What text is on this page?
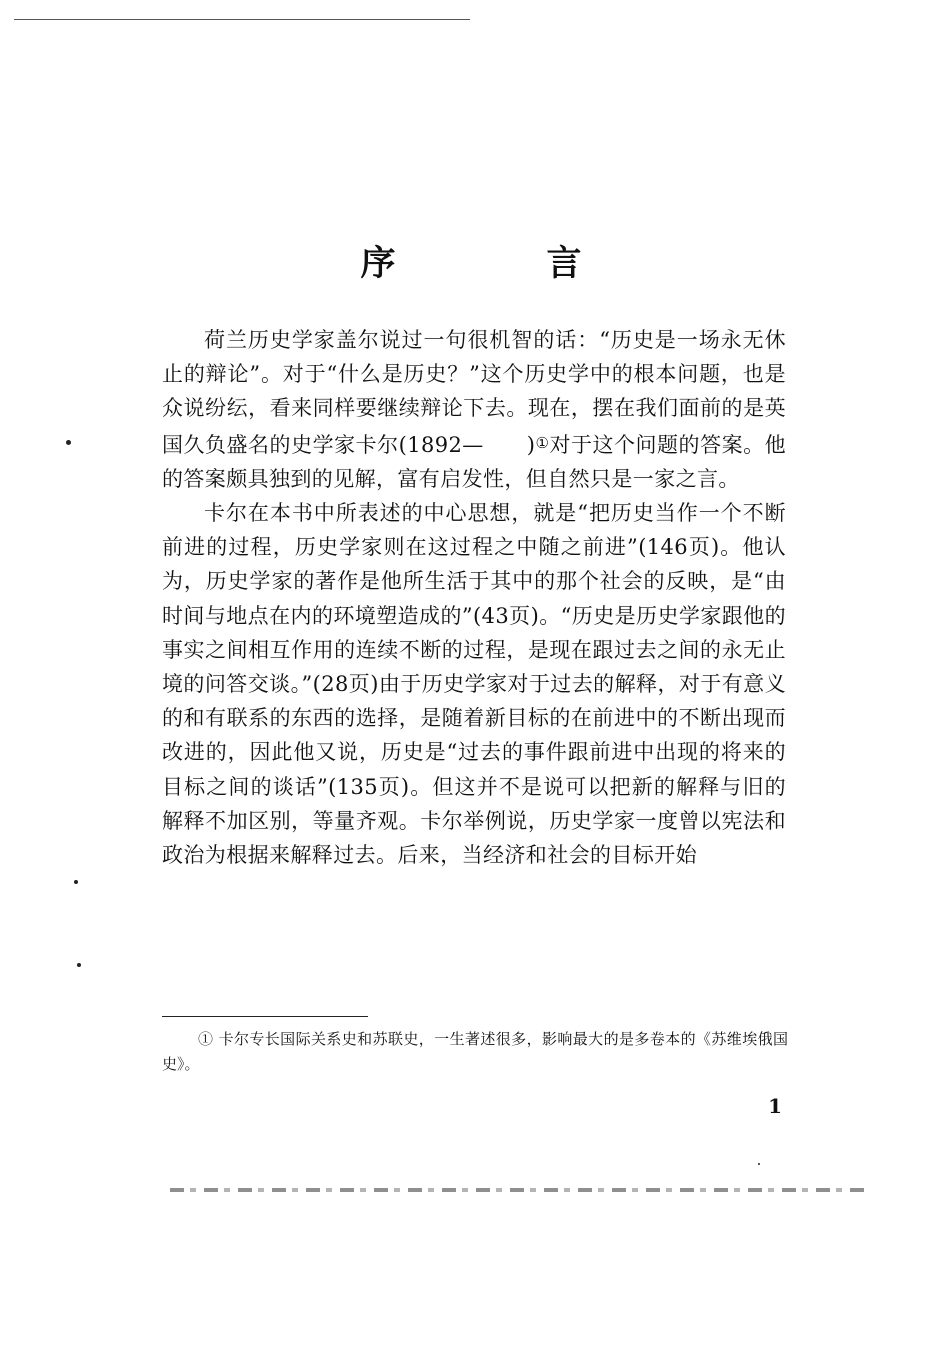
序　言

荷兰历史学家盖尔说过一句很机智的话：“历史是一场永无休止的辩论”。对于“什么是历史？”这个历史学中的根本问题，也是众说纷纭，看来同样要继续辩论下去。现在，摆在我们面前的是英国久负盛名的史学家卡尔(1892—　　)①对于这个问题的答案。他的答案颇具独到的见解，富有启发性，但自然只是一家之言。

卡尔在本书中所表述的中心思想，就是“把历史当作一个不断前进的过程，历史学家则在这过程之中随之前进”(146页)。他认为，历史学家的著作是他所生活于其中的那个社会的反映，是“由时间与地点在内的环境塑造成的”(43页)。“历史是历史学家跟他的事实之间相互作用的连续不断的过程，是现在跟过去之间的永无止境的问答交谈。”(28页)由于历史学家对于过去的解释，对于有意义的和有联系的东西的选择，是随着新目标的在前进中的不断出现而改进的，因此他又说，历史是“过去的事件跟前进中出现的将来的目标之间的谈话”(135页)。但这并不是说可以把新的解释与旧的解释不加区别，等量齐观。卡尔举例说，历史学家一度曾以宪法和政治为根据来解释过去。后来，当经济和社会的目标开始

① 卡尔专长国际关系史和苏联史，一生著述很多，影响最大的是多卷本的《苏维埃俄国史》。

1
